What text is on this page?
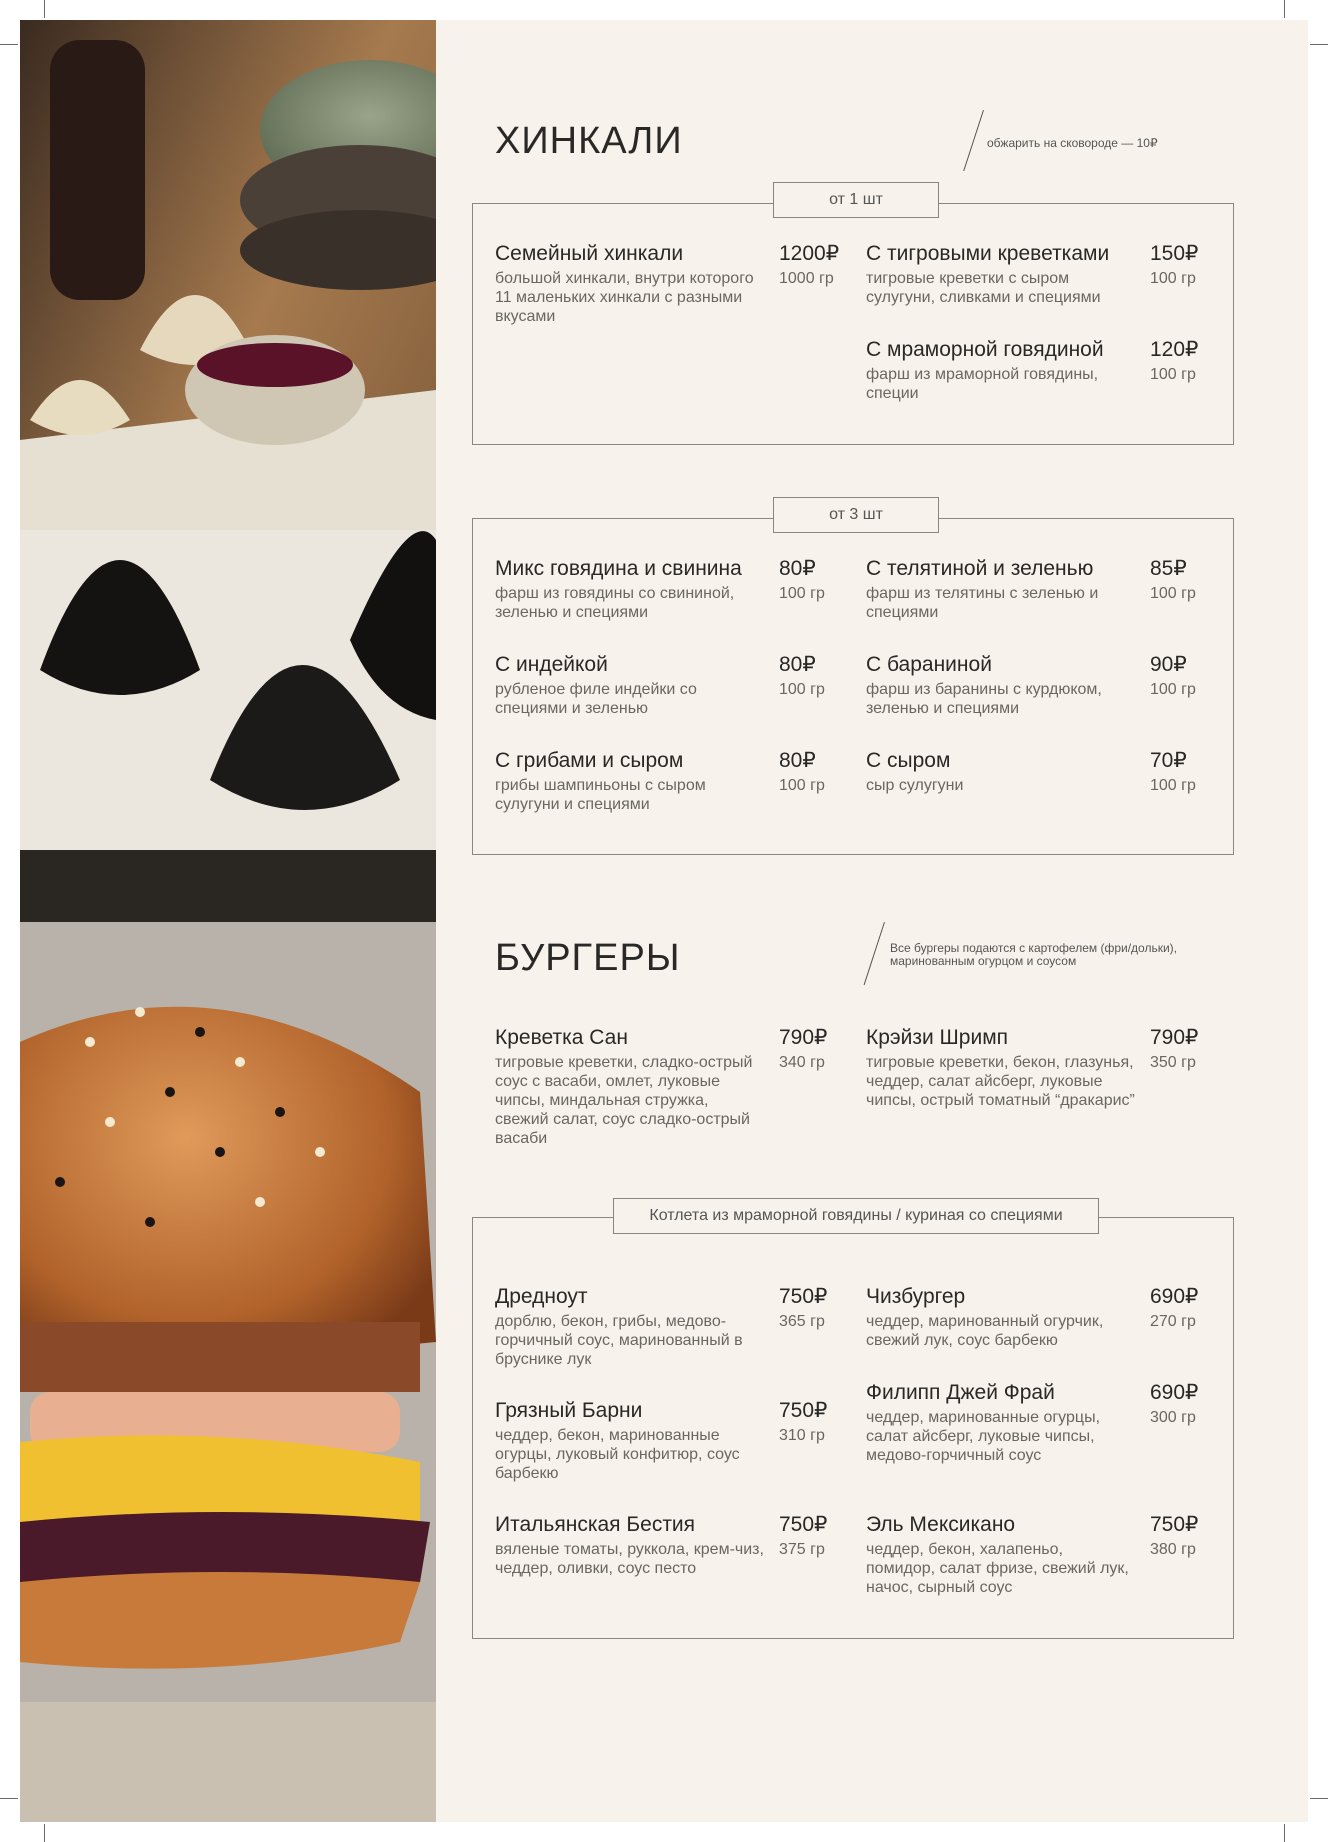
ХИНКАЛИ	обжарить на сковороде — 10₽
от 1 шт
Семейный хинкали
большой хинкали, внутри которого 11 маленьких хинкали с разными вкусами
1200₽
1000 гр
С тигровыми креветками
тигровые креветки с сыром сулугуни, сливками и специями
150₽
100 гр
С мраморной говядиной
фарш из мраморной говядины, специи
120₽
100 гр
от 3 шт
Микс говядина и свинина
фарш из говядины со свининой, зеленью и специями
80₽
100 гр
С телятиной и зеленью
фарш из телятины с зеленью и специями
85₽
100 гр
С индейкой
рубленое филе индейки со специями и зеленью
80₽
100 гр
С бараниной
фарш из баранины с курдюком, зеленью и специями
90₽
100 гр
С грибами и сыром
грибы шампиньоны с сыром сулугуни и специями
80₽
100 гр
С сыром
сыр сулугуни
70₽
100 гр
БУРГЕРЫ	Все бургеры подаются с картофелем (фри/дольки), маринованным огурцом и соусом
Креветка Сан
тигровые креветки, сладко-острый соус с васаби, омлет, луковые чипсы, миндальная стружка, свежий салат, соус сладко-острый васаби
790₽
340 гр
Крэйзи Шримп
тигровые креветки, бекон, глазунья, чеддер, салат айсберг, луковые чипсы, острый томатный “дракарис”
790₽
350 гр
Котлета из мраморной говядины / куриная со специями
Дредноут
дорблю, бекон, грибы, медово-горчичный соус, маринованный в бруснике лук
750₽
365 гр
Чизбургер
чеддер, маринованный огурчик, свежий лук, соус барбекю
690₽
270 гр
Грязный Барни
чеддер, бекон, маринованные огурцы, луковый конфитюр, соус барбекю
750₽
310 гр
Филипп Джей Фрай
чеддер, маринованные огурцы, салат айсберг, луковые чипсы, медово-горчичный соус
690₽
300 гр
Итальянская Бестия
вяленые томаты, руккола, крем-чиз, чеддер, оливки, соус песто
750₽
375 гр
Эль Мексикано
чеддер, бекон, халапеньо, помидор, салат фризе, свежий лук, начос, сырный соус
750₽
380 гр
